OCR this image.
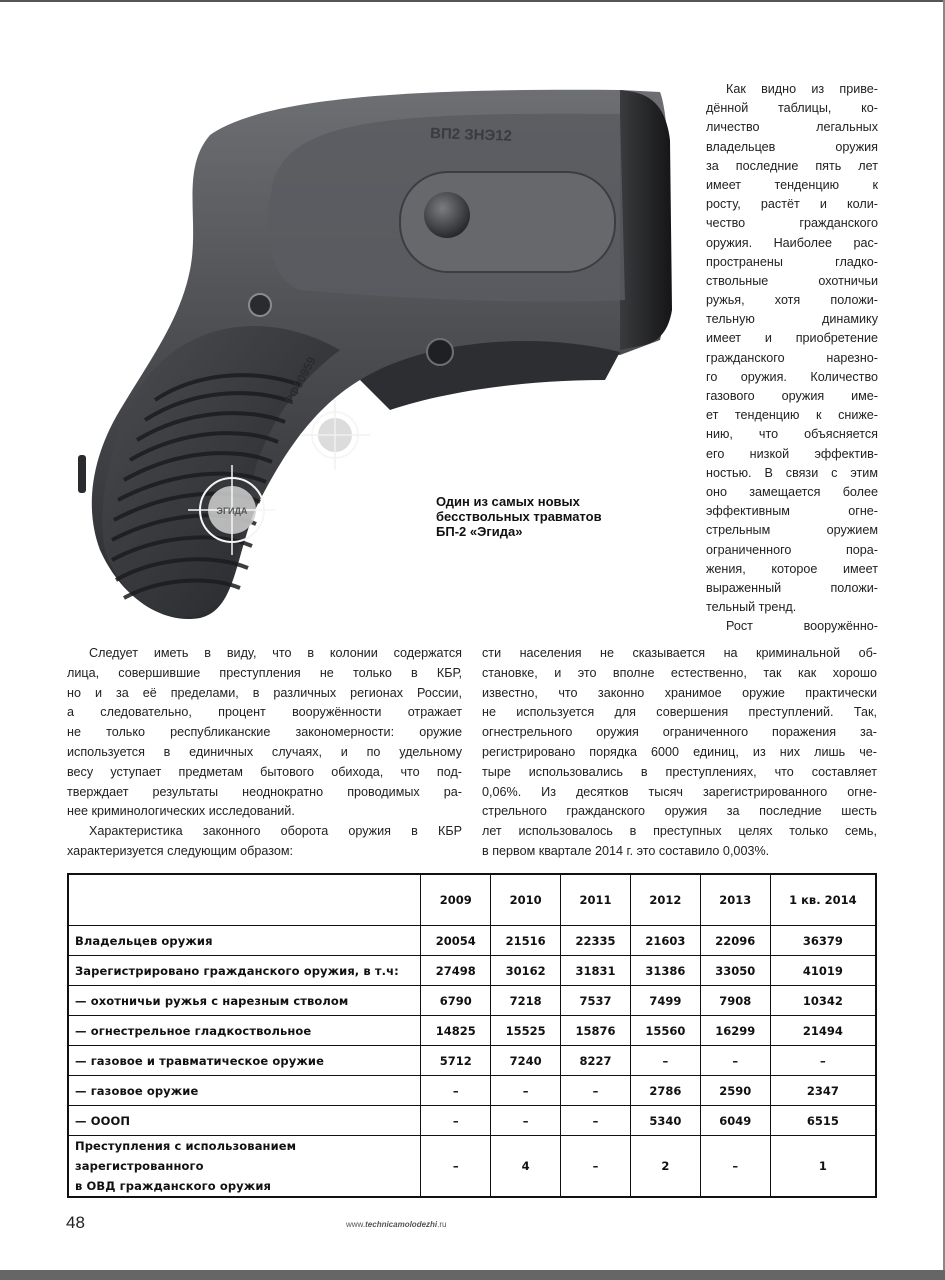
ЭГИДА
ВП2 ЗНЭ12
РФ00959
Один из самых новых
бесствольных травматов
БП-2 «Эгида»
Как видно из приве-
дённой таблицы, ко-
личество легальных
владельцев оружия
за последние пять лет
имеет тенденцию к
росту, растёт и коли-
чество гражданского
оружия. Наиболее рас-
пространены гладко-
ствольные охотничьи
ружья, хотя положи-
тельную динамику
имеет и приобретение
гражданского нарезно-
го оружия. Количество
газового оружия име-
ет тенденцию к сниже-
нию, что объясняется
его низкой эффектив-
ностью. В связи с этим
оно замещается более
эффективным огне-
стрельным оружием
ограниченного пора-
жения, которое имеет
выраженный положи-
тельный тренд.
Рост вооружённо-
Следует иметь в виду, что в колонии содержатся
лица, совершившие преступления не только в КБР,
но и за её пределами, в различных регионах России,
а следовательно, процент вооружённости отражает
не только республиканские закономерности: оружие
используется в единичных случаях, и по удельному
весу уступает предметам бытового обихода, что под-
тверждает результаты неоднократно проводимых ра-
нее криминологических исследований.
Характеристика законного оборота оружия в КБР
характеризуется следующим образом:
сти населения не сказывается на криминальной об-
становке, и это вполне естественно, так как хорошо
известно, что законно хранимое оружие практически
не используется для совершения преступлений. Так,
огнестрельного оружия ограниченного поражения за-
регистрировано порядка 6000 единиц, из них лишь че-
тыре использовались в преступлениях, что составляет
0,06%. Из десятков тысяч зарегистрированного огне-
стрельного гражданского оружия за последние шесть
лет использовалось в преступных целях только семь,
в первом квартале 2014 г. это составило 0,003%.
	2009	2010	2011	2012	2013	1 кв. 2014
Владельцев оружия	20054	21516	22335	21603	22096	36379
Зарегистрировано гражданского оружия, в т.ч:	27498	30162	31831	31386	33050	41019
— охотничьи ружья с нарезным стволом	6790	7218	7537	7499	7908	10342
— огнестрельное гладкоствольное	14825	15525	15876	15560	16299	21494
— газовое и травматическое оружие	5712	7240	8227	–	–	–
— газовое оружие	–	–	–	2786	2590	2347
— ОООП	–	–	–	5340	6049	6515

Преступления с использованием зарегистрованного
в ОВД гражданского оружия	–	4	–	2	–	1
48	www.technicamolodezhi.ru
